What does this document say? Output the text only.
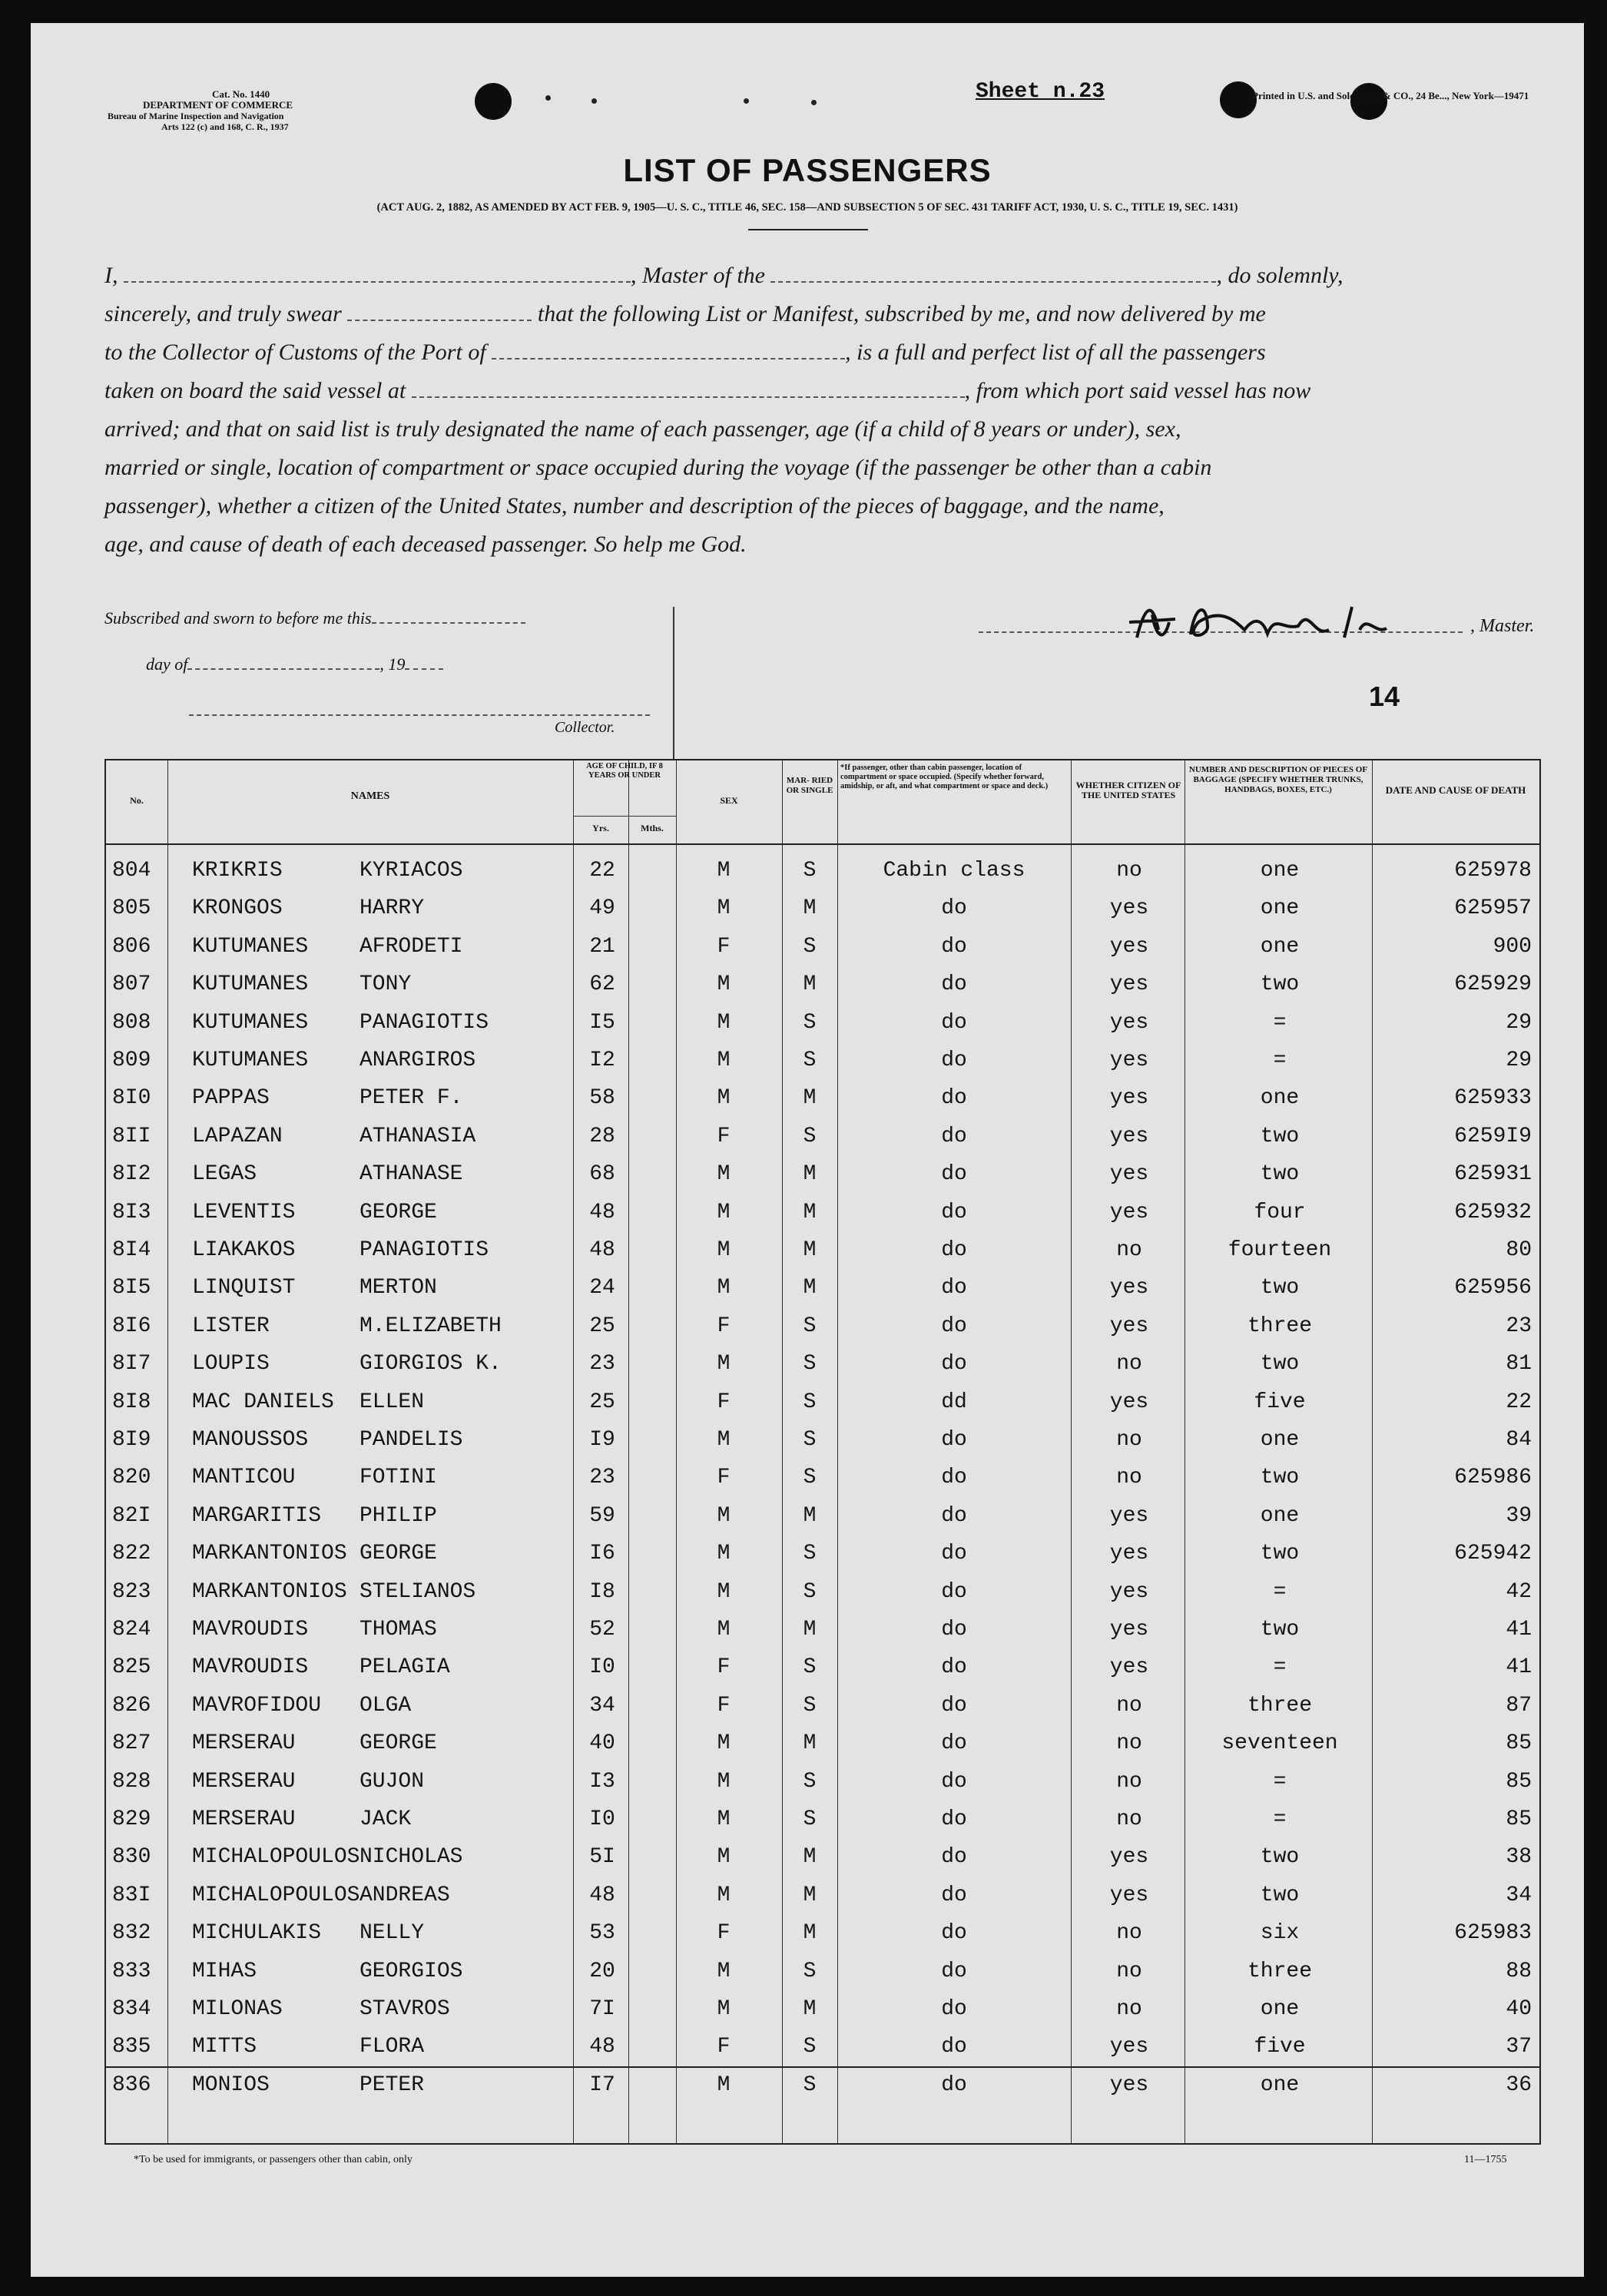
Cat. No. 1440
DEPARTMENT OF COMMERCE
Bureau of Marine Inspection and Navigation
Arts 122 (c) and 168, C. R., 1937
Sheet n.23	Printed in U.S. and Sold by .Z & CO., 24 Be..., New York—19471
LIST OF PASSENGERS
(ACT AUG. 2, 1882, AS AMENDED BY ACT FEB. 9, 1905—U. S. C., TITLE 46, SEC. 158—AND SUBSECTION 5 OF SEC. 431 TARIFF ACT, 1930, U. S. C., TITLE 19, SEC. 1431)
I,	, Master of the	, do solemnly,
sincerely, and truly swear	that the following List or Manifest, subscribed by me, and now delivered by me
to the Collector of Customs of the Port of	, is a full and perfect list of all the passengers
taken on board the said vessel at	, from which port said vessel has now
arrived; and that on said list is truly designated the name of each passenger, age (if a child of 8 years or under), sex,
married or single, location of compartment or space occupied during the voyage (if the passenger be other than a cabin
passenger), whether a citizen of the United States, number and description of the pieces of baggage, and the name,
age, and cause of death of each deceased passenger. So help me God.
Subscribed and sworn to before me this
day of	, 19
Collector.
, Master.
14
No.	NAMES
AGE OF CHILD, IF 8 YEARS OR UNDER
Yrs.	Mths.
SEX
MAR- RIED OR SINGLE
*If passenger, other than cabin passenger, location of compartment or space occupied. (Specify whether forward, amidship, or aft, and what compartment or space and deck.)	WHETHER CITIZEN OF THE UNITED STATES
NUMBER AND DESCRIPTION OF PIECES OF BAGGAGE (SPECIFY WHETHER TRUNKS, HANDBAGS, BOXES, ETC.)	DATE AND CAUSE OF DEATH
804 KRIKRIS	KYRIACOS	22	M	S	Cabin class	no	one	625978
805 KRONGOS	HARRY	49	M	M	do	yes	one	625957
806 KUTUMANES AFRODETI	21	F	S	do	yes	one	900
807 KUTUMANES TONY	62	M	M	do	yes	two	625929
808 KUTUMANES PANAGIOTIS	I5	M	S	do	yes	=	29
809 KUTUMANES ANARGIROS	I2	M	S	do	yes	=	29
8I0 PAPPAS	PETER F.	58	M	M	do	yes	one	625933
8II LAPAZAN	ATHANASIA	28	F	S	do	yes	two	6259I9
8I2 LEGAS	ATHANASE	68	M	M	do	yes	two	625931
8I3 LEVENTIS	GEORGE	48	M	M	do	yes	four	625932
8I4 LIAKAKOS	PANAGIOTIS	48	M	M	do	no	fourteen	80
8I5 LINQUIST	MERTON	24	M	M	do	yes	two	625956
8I6 LISTER	M.ELIZABETH	25	F	S	do	yes	three	23
8I7 LOUPIS	GIORGIOS K.	23	M	S	do	no	two	81
8I8 MAC DANIELS ELLEN	25	F	S	dd	yes	five	22
8I9 MANOUSSOS PANDELIS	I9	M	S	do	no	one	84
820 MANTICOU	FOTINI	23	F	S	do	no	two	625986
82I MARGARITIS PHILIP	59	M	M	do	yes	one	39
822 MARKANTONIOS GEORGE	I6	M	S	do	yes	two	625942
823 MARKANTONIOS STELIANOS	I8	M	S	do	yes	=	42
824 MAVROUDIS THOMAS	52	M	M	do	yes	two	41
825 MAVROUDIS PELAGIA	I0	F	S	do	yes	=	41
826 MAVROFIDOU OLGA	34	F	S	do	no	three	87
827 MERSERAU	GEORGE	40	M	M	do	no	seventeen	85
828 MERSERAU	GUJON	I3	M	S	do	no	=	85
829 MERSERAU	JACK	I0	M	S	do	no	=	85
830 MICHALOPOULOS NICHOLAS	5I	M	M	do	yes	two	38
83I MICHALOPOULOS ANDREAS	48	M	M	do	yes	two	34
832 MICHULAKIS NELLY	53	F	M	do	no	six	625983
833 MIHAS	GEORGIOS	20	M	S	do	no	three	88
834 MILONAS	STAVROS	7I	M	M	do	no	one	40
835 MITTS	FLORA	48	F	S	do	yes	five	37
836 MONIOS	PETER	I7	M	S	do	yes	one	36
*To be used for immigrants, or passengers other than cabin, only	11—1755
